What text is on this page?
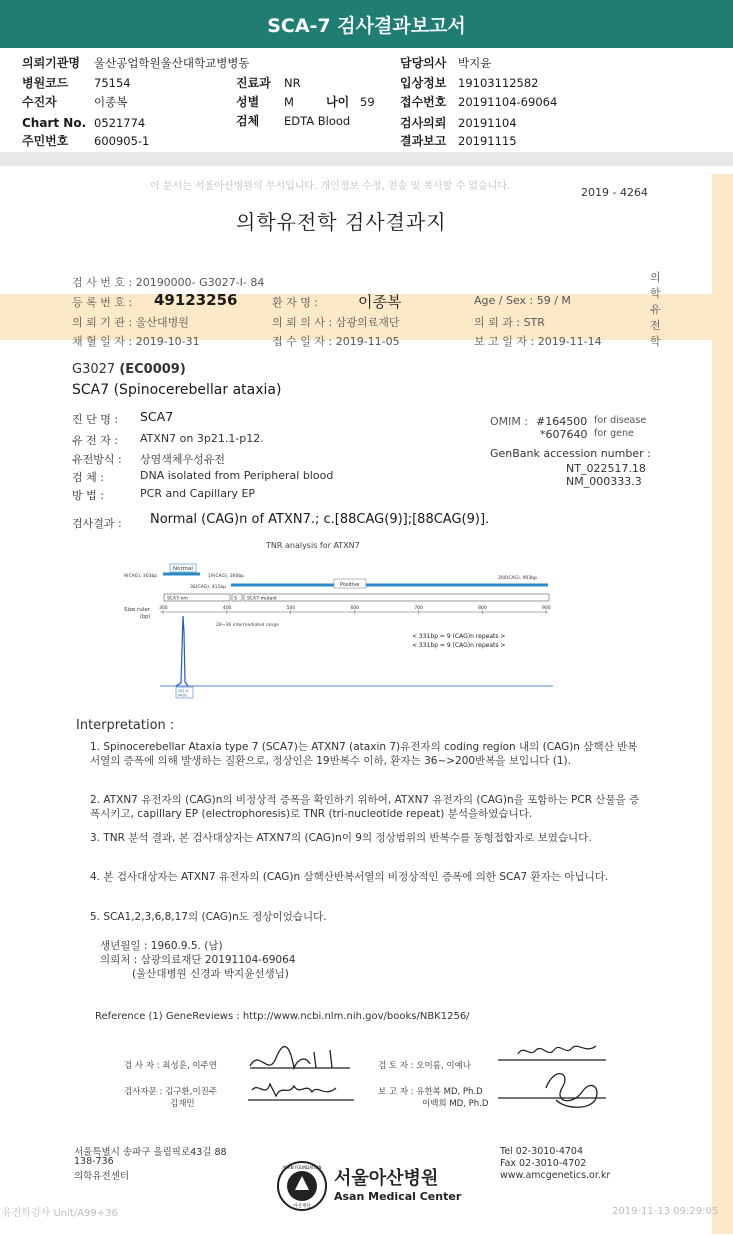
SCA-7 검사결과보고서
의뢰기관명 울산공업학원울산대학교병병동
병원코드 75154
수진자	이종복
Chart No. 0521774
주민번호 600905-1
진료과 NR
성별 M	나이 59
검체 EDTA Blood
담당의사 박지윤
입상정보 19103112582
접수번호 20191104-69064
검사의뢰 20191104
결과보고 20191115
이 문서는 서울아산병원의 무서입니다. 개인정보 수정, 전송 및 복사할 수 없습니다.	2019 - 4264
의학유전학 검사결과지
의학유전학
검 사 번 호 : 20190000- G3027-I- 84
등 록 번 호 : 49123256	환 자 명 :	이종복	Age / Sex : 59 / M
의 뢰 기 관 : 울산대병원	의 뢰 의 사 : 삼광의료재단	의 뢰 과 : STR
채 혈 일 자 : 2019-10-31	접 수 일 자 : 2019-11-05	보 고 일 자 : 2019-11-14
G3027 (EC0009)
SCA7 (Spinocerebellar ataxia)
진 단 명 : SCA7
유 전 자 : ATXN7 on 3p21.1-p12.
유전방식 : 상염색체우성유전
검 체 :	DNA isolated from Peripheral blood
방 법 :	PCR and Capillary EP
OMIM : #164500 for disease
*607640 for gene
GenBank accession number :
NT_022517.18
NM_000333.3
검사결과 : Normal (CAG)n of ATXN7.; c.[88CAG(9)];[88CAG(9)].
TNR analysis for ATXN7
Normal
9(CAG), 303bp	19(CAG), 360bp
Positive
36(CAG), 411bp
200(CAG), 903bp
SCA7-nm	S SCA7-mutant
Size ruler
(bp)
300	400	500	600	700	800	900
28~36 intermediated range
< 331bp = 9 (CAG)n repeats >
< 331bp = 9 (CAG)n repeats >
331.0
9432
Interpretation :
1. Spinocerebellar Ataxia type 7 (SCA7)는 ATXN7 (ataxin 7)유전자의 coding region 내의 (CAG)n 삼핵산 반복서열의 증폭에 의해 발생하는 질환으로, 정상인은 19반복수 이하, 환자는 36~>200반복을 보입니다 (1).
2. ATXN7 유전자의 (CAG)n의 비정상적 증폭을 확인하기 위하여, ATXN7 유전자의 (CAG)n을 포함하는 PCR 산물을 증폭시키고, capillary EP (electrophoresis)로 TNR (tri-nucleotide repeat) 분석을하였습니다.
3. TNR 분석 결과, 본 검사대상자는 ATXN7의 (CAG)n이 9의 정상범위의 반복수를 동형접합자로 보였습니다.
4. 본 검사대상자는 ATXN7 유전자의 (CAG)n 삼핵산반복서열의 비정상적인 증폭에 의한 SCA7 환자는 아닙니다.
5. SCA1,2,3,6,8,17의 (CAG)n도 정상이었습니다.
생년월일 : 1960.9.5. (남)
의뢰처 : 삼광의료재단 20191104-69064
(울산대병원 신경과 박지윤선생님)
Reference (1) GeneReviews : http://www.ncbi.nlm.nih.gov/books/NBK1256/
검 사 자 : 최성훈, 이주연
검사자문 : 김구환,이진주
김재민
검 토 자 : 오이름, 이예나
보 고 자 : 유한복 MD, Ph.D
이백희 MD, Ph.D
서울특별시 송파구 올림픽로43길 88
138-736
의학유전센터
Tel 02-3010-4704
Fax 02-3010-4702
www.amcgenetics.or.kr
ASAN FOUNDATION
아산재단
서울아산병원
Asan Medical Center
유전학검사 Unit/A99+36	2019-11-13 09:29:05
